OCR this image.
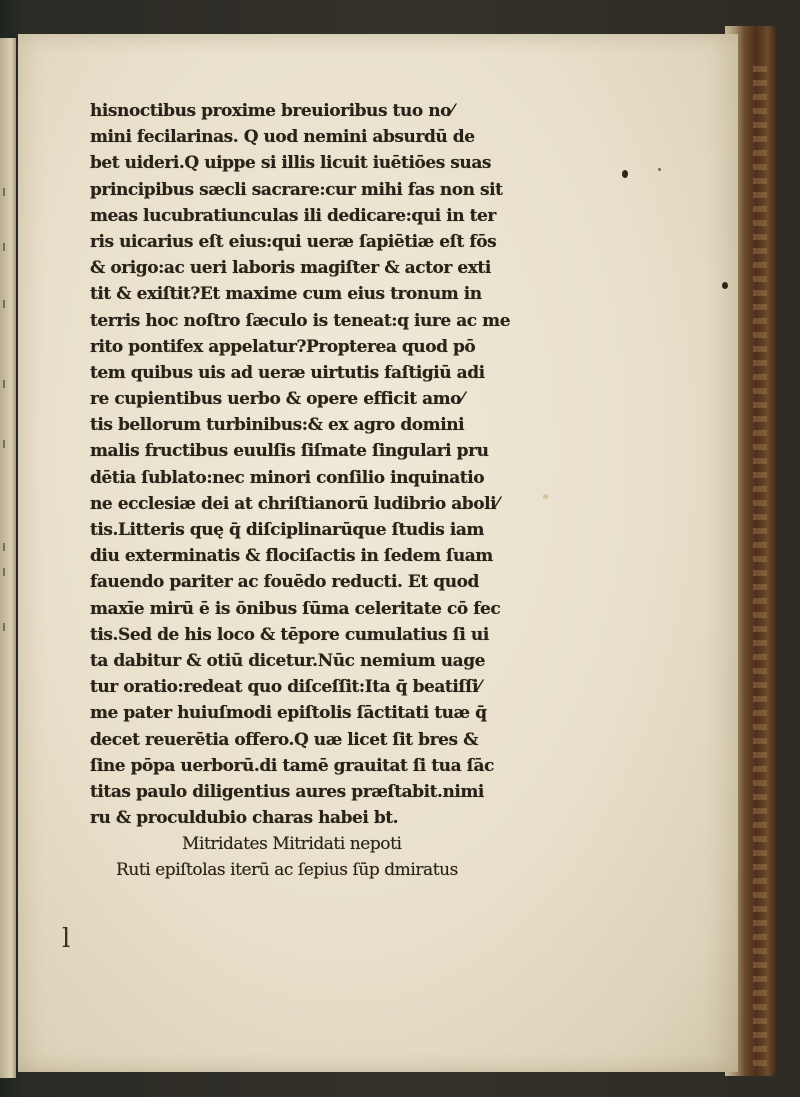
hisnoctibus proxime breuioribus tuo no⁄
mini fecilarinas. Q uod nemini absurdū de
bet uideri.Q uippe si illis licuit iuētiōes suas
principibus sæcli sacrare:cur mihi fas non sit
meas lucubratiunculas ili dedicare:qui in ter
ris uicarius eſt eius:qui ueræ ſapiētiæ eſt fōs
& origo:ac ueri laboris magiſter & actor exti
tit & exiſtit?Et maxime cum eius tronum in
terris hoc noſtro ſæculo is teneat:q iure ac me
rito pontifex appelatur?Propterea quod pō
tem quibus uis ad ueræ uirtutis faſtigiū adi
re cupientibus uerbo & opere efficit amo⁄
tis bellorum turbinibus:& ex agro domini
malis fructibus euulſis ſiſmate ſingulari pru
dētia ſublato:nec minori conſilio inquinatio
ne ecclesiæ dei at chriſtianorū ludibrio aboli⁄
tis.Litteris quę q̄ diſciplinarūque ſtudis iam
diu exterminatis & flociſactis in ſedem ſuam
fauendo pariter ac fouēdo reducti. Et quod
maxīe mirū ē is ōnibus ſūma celeritate cō fec
tis.Sed de his loco & tēpore cumulatius ſi ui
ta dabitur & otiū dicetur.Nūc nemium uage
tur oratio:redeat quo diſceſſit:Ita q̄ beatiſſi⁄
me pater huiuſmodi epiſtolis ſāctitati tuæ q̄
decet reuerētia offero.Q uæ licet ſit bres &
ſine pōpa uerborū.di tamē grauitat ſi tua ſāc
titas paulo diligentius aures præſtabit.nimi
ru & proculdubio charas habei bt.
Mitridates Mitridati nepoti
Ruti epiſtolas iterū ac ſepius ſūp dmiratus
l
